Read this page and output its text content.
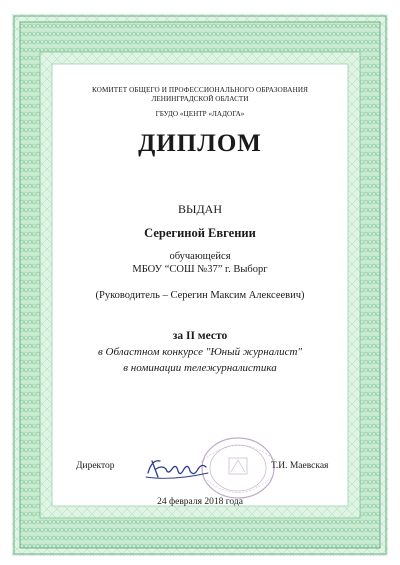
КОМИТЕТ ОБЩЕГО И ПРОФЕССИОНАЛЬНОГО ОБРАЗОВАНИЯ
ЛЕНИНГРАДСКОЙ ОБЛАСТИ
ГБУДО «ЦЕНТР «ЛАДОГА»
ДИПЛОМ
ВЫДАН
Серегиной Евгении
обучающейся
МБОУ “СОШ №37” г. Выборг
(Руководитель – Серегин Максим Алексеевич)
за II место
в Областном конкурсе "Юный журналист"
в номинации тележурналистика
Директор	Т.И. Маевская
24 февраля 2018 года
